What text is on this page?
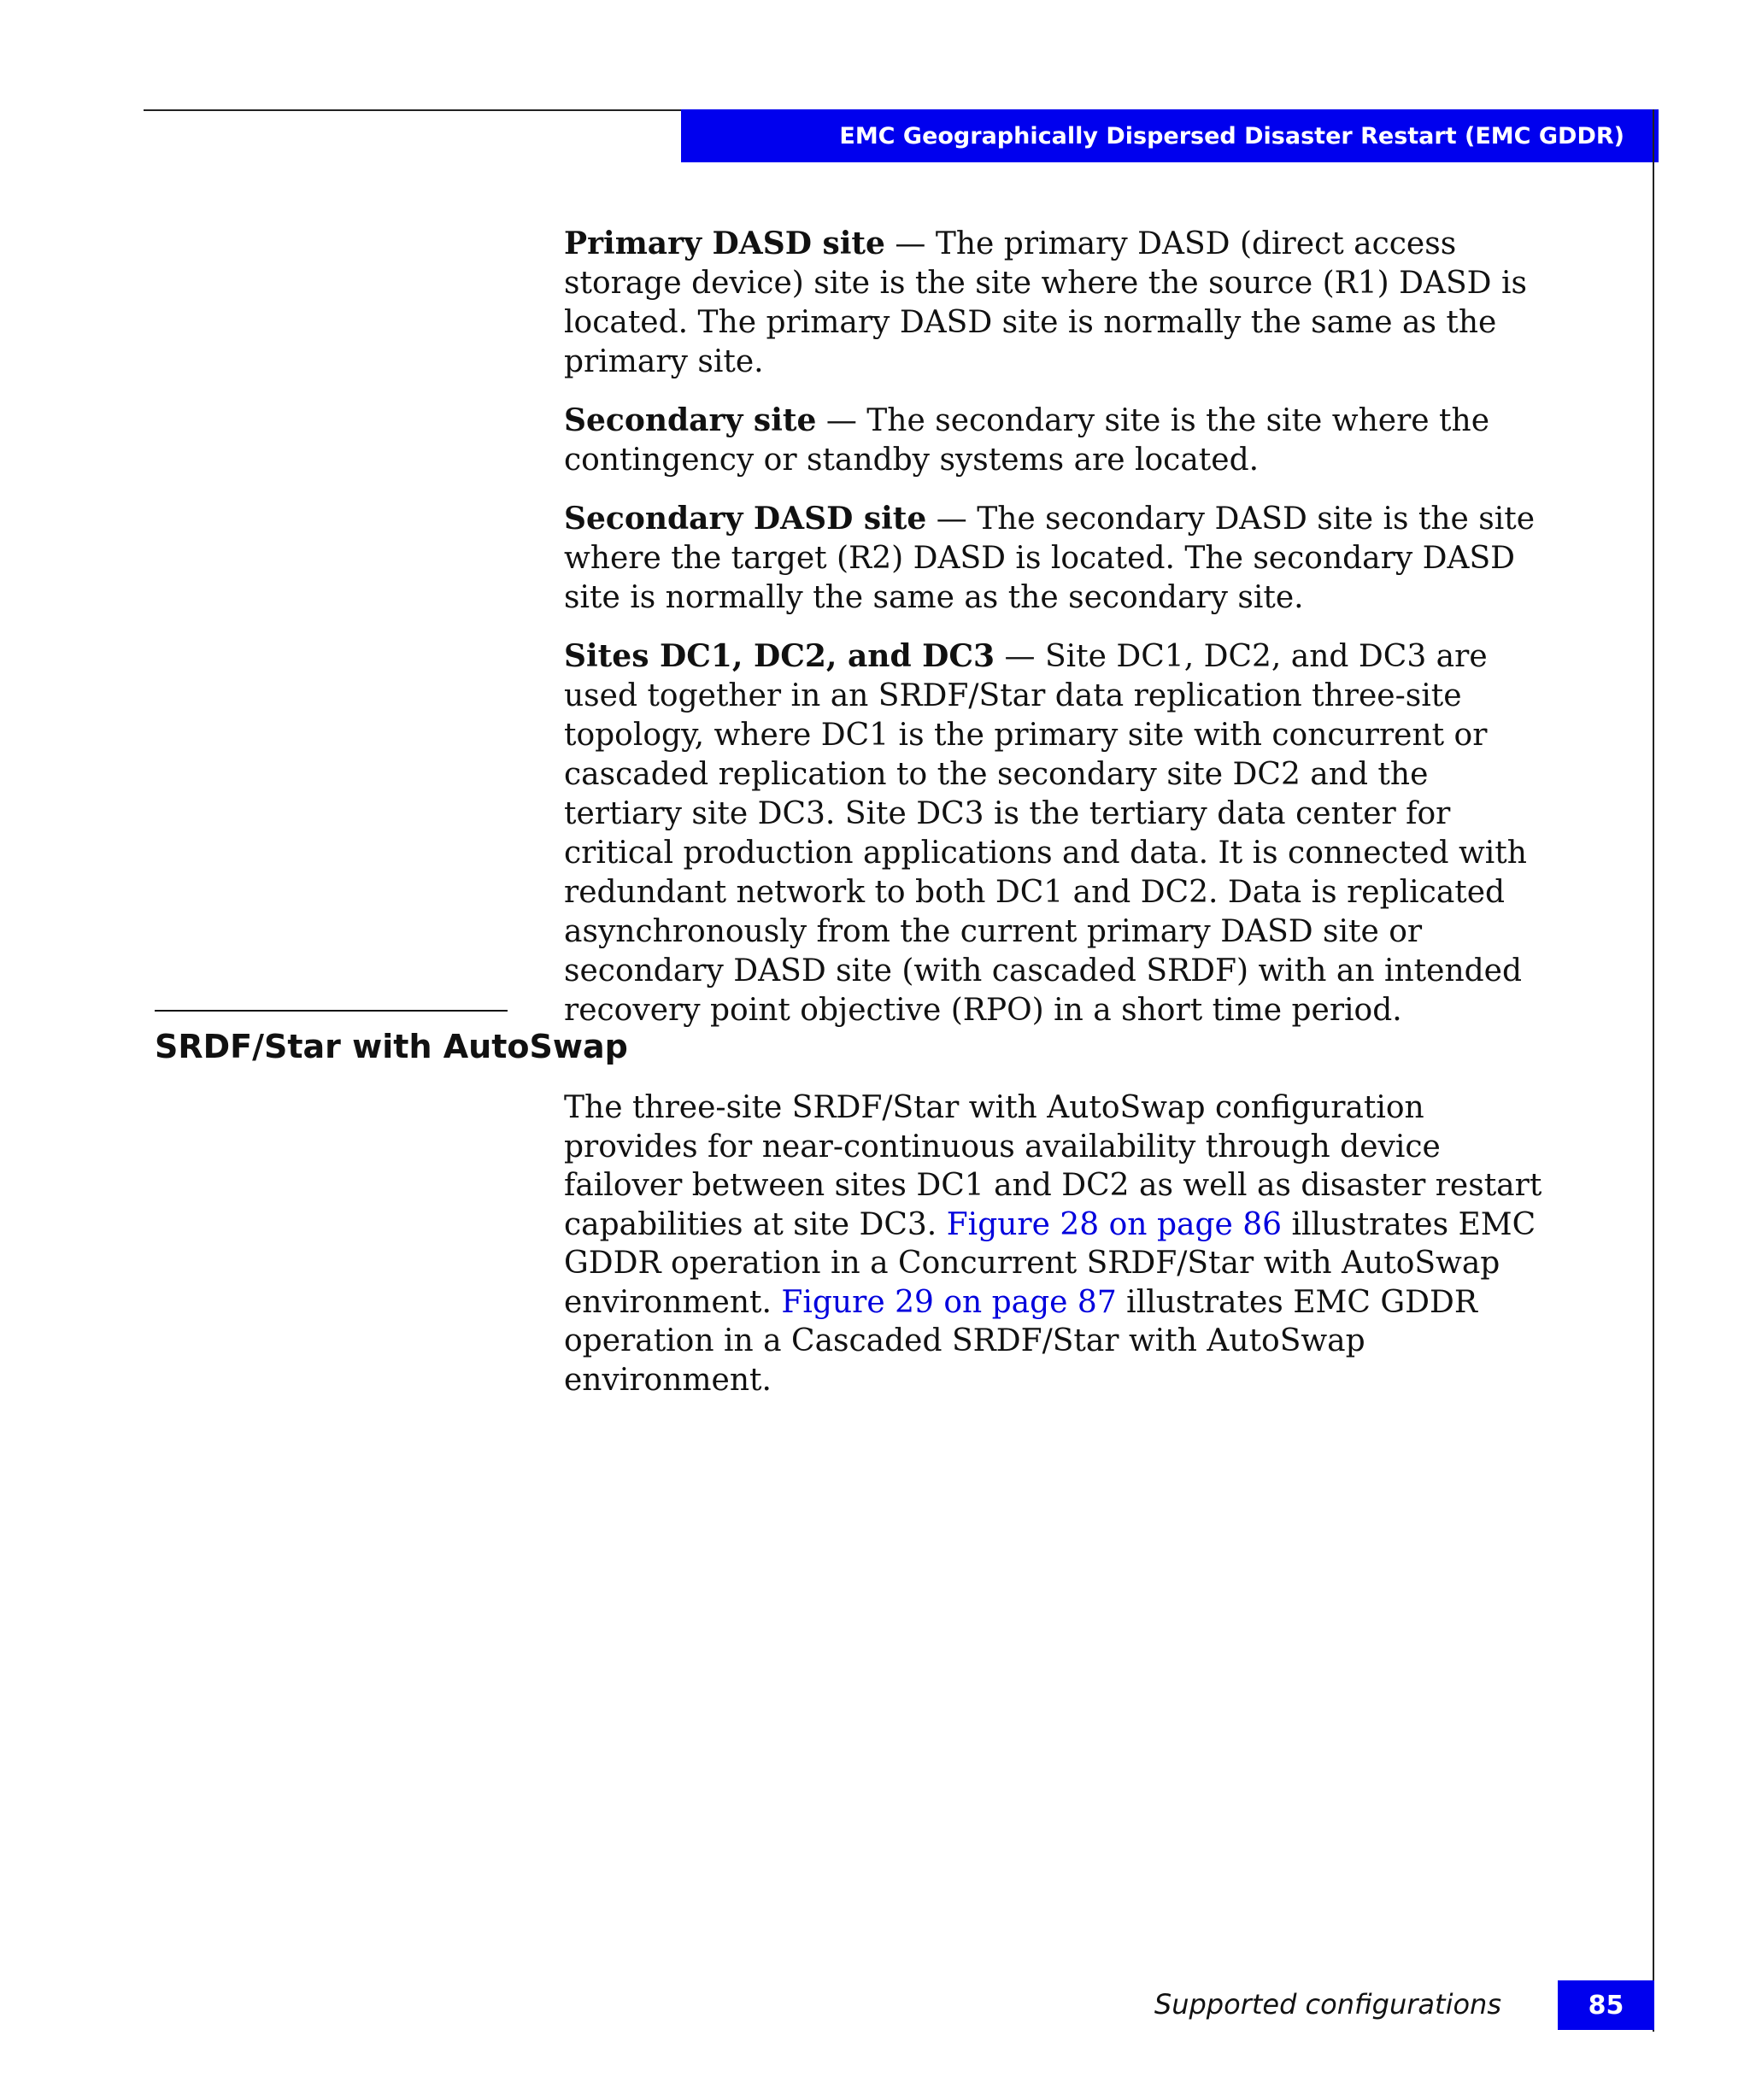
EMC Geographically Dispersed Disaster Restart (EMC GDDR)

Primary DASD site — The primary DASD (direct access storage device) site is the site where the source (R1) DASD is located. The primary DASD site is normally the same as the primary site.

Secondary site — The secondary site is the site where the contingency or standby systems are located.

Secondary DASD site — The secondary DASD site is the site where the target (R2) DASD is located. The secondary DASD site is normally the same as the secondary site.

Sites DC1, DC2, and DC3 — Site DC1, DC2, and DC3 are used together in an SRDF/Star data replication three-site topology, where DC1 is the primary site with concurrent or cascaded replication to the secondary site DC2 and the tertiary site DC3. Site DC3 is the tertiary data center for critical production applications and data. It is connected with redundant network to both DC1 and DC2. Data is replicated asynchronously from the current primary DASD site or secondary DASD site (with cascaded SRDF) with an intended recovery point objective (RPO) in a short time period.

SRDF/Star with AutoSwap

The three-site SRDF/Star with AutoSwap configuration provides for near-continuous availability through device failover between sites DC1 and DC2 as well as disaster restart capabilities at site DC3. Figure 28 on page 86 illustrates EMC GDDR operation in a Concurrent SRDF/Star with AutoSwap environment. Figure 29 on page 87 illustrates EMC GDDR operation in a Cascaded SRDF/Star with AutoSwap environment.

Supported configurations	85
